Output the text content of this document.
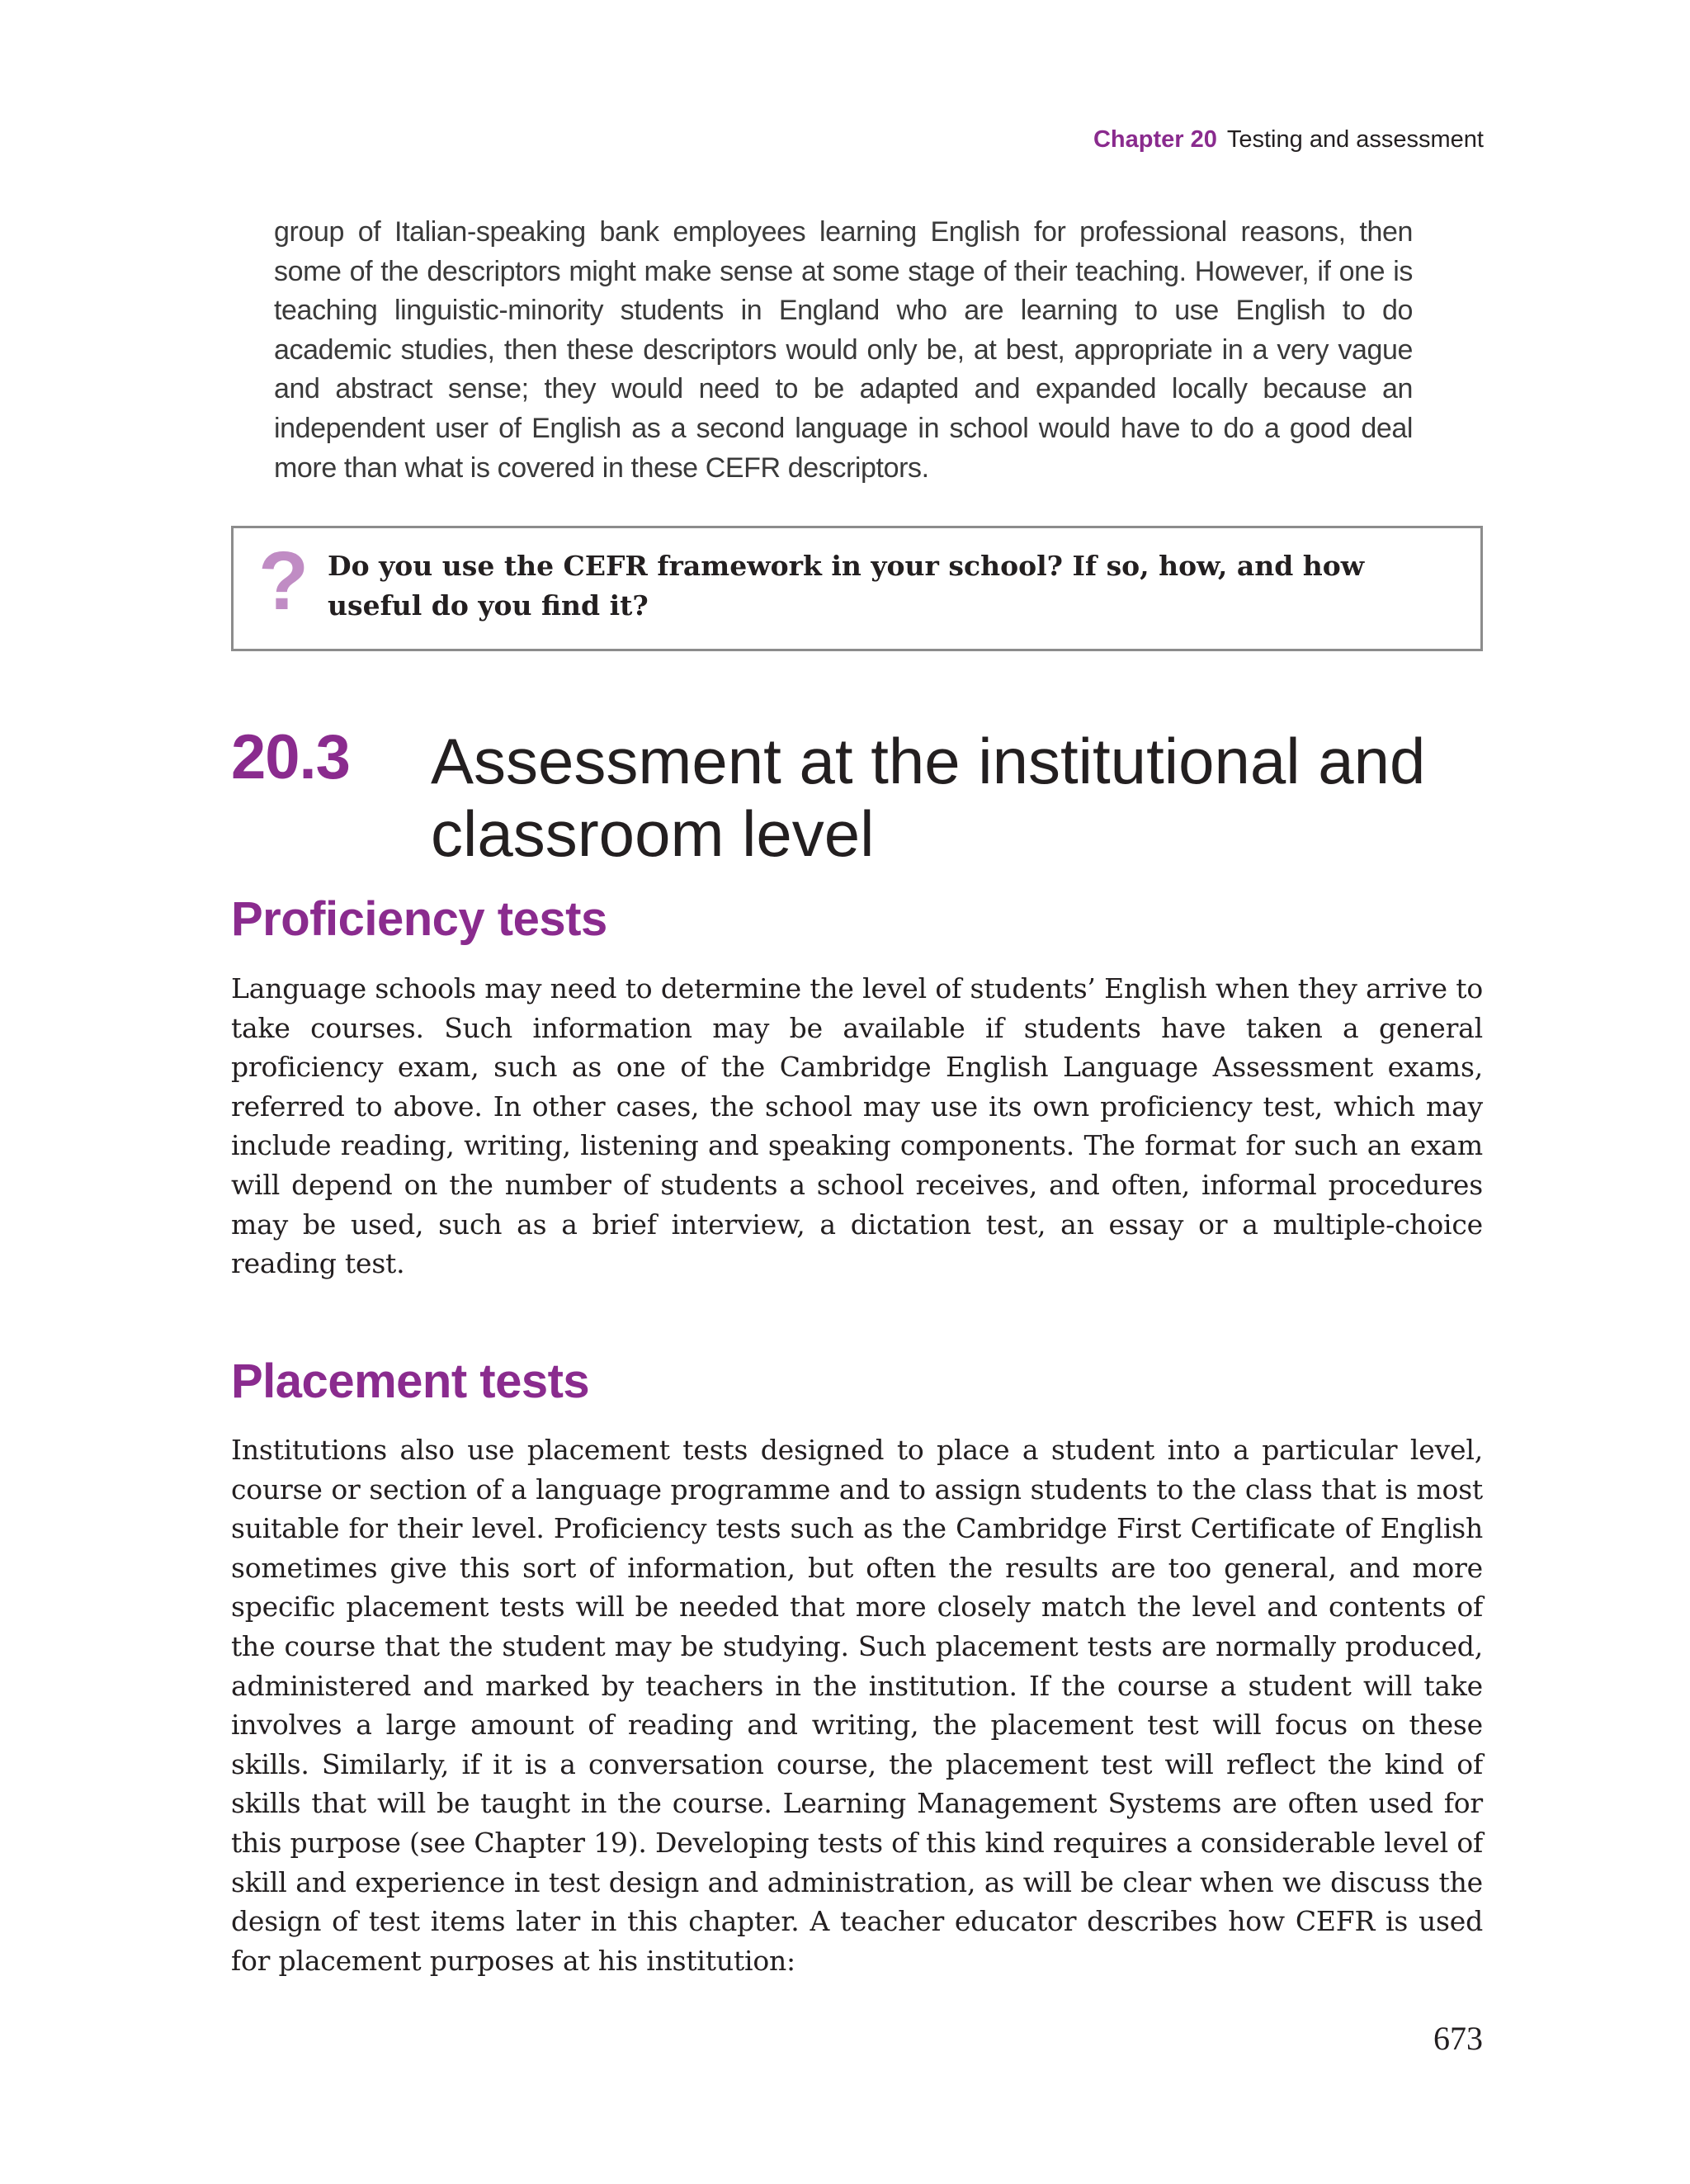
Chapter 20 Testing and assessment

group of Italian-speaking bank employees learning English for professional reasons, then some of the descriptors might make sense at some stage of their teaching. However, if one is teaching linguistic-minority students in England who are learning to use English to do academic studies, then these descriptors would only be, at best, appropriate in a very vague and abstract sense; they would need to be adapted and expanded locally because an independent user of English as a second language in school would have to do a good deal more than what is covered in these CEFR descriptors.

? Do you use the CEFR framework in your school? If so, how, and how useful do you find it?

20.3 Assessment at the institutional and classroom level
Proficiency tests

Language schools may need to determine the level of students’ English when they arrive to take courses. Such information may be available if students have taken a general proficiency exam, such as one of the Cambridge English Language Assessment exams, referred to above. In other cases, the school may use its own proficiency test, which may include reading, writing, listening and speaking components. The format for such an exam will depend on the number of students a school receives, and often, informal procedures may be used, such as a brief interview, a dictation test, an essay or a multiple-choice reading test.

Placement tests

Institutions also use placement tests designed to place a student into a particular level, course or section of a language programme and to assign students to the class that is most suitable for their level. Proficiency tests such as the Cambridge First Certificate of English sometimes give this sort of information, but often the results are too general, and more specific placement tests will be needed that more closely match the level and contents of the course that the student may be studying. Such placement tests are normally produced, administered and marked by teachers in the institution. If the course a student will take involves a large amount of reading and writing, the placement test will focus on these skills. Similarly, if it is a conversation course, the placement test will reflect the kind of skills that will be taught in the course. Learning Management Systems are often used for this purpose (see Chapter 19). Developing tests of this kind requires a considerable level of skill and experience in test design and administration, as will be clear when we discuss the design of test items later in this chapter. A teacher educator describes how CEFR is used for placement purposes at his institution:

673
